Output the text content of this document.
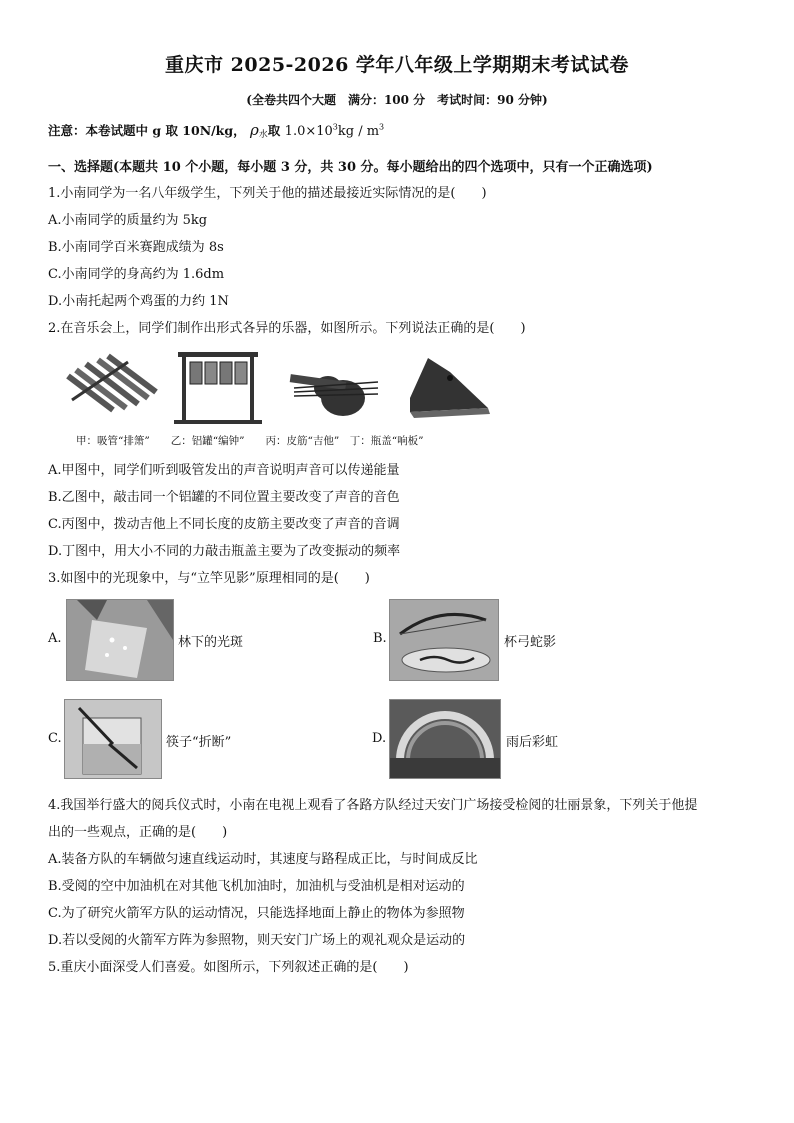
重庆市 2025-2026 学年八年级上学期期末考试试卷
(全卷共四个大题　满分：100 分　考试时间：90 分钟)
注意：本卷试题中 g 取 10N/kg， $\rho_水$取 $1.0\times 10^3kg / m^3$
一、选择题(本题共 10 个小题，每小题 3 分，共 30 分。每小题给出的四个选项中，只有一个正确选项)
1.小南同学为一名八年级学生，下列关于他的描述最接近实际情况的是(　　)
A.小南同学的质量约为 5kg
B.小南同学百米赛跑成绩为 8s
C.小南同学的身高约为 1.6dm
D.小南托起两个鸡蛋的力约 1N
2.在音乐会上，同学们制作出形式各异的乐器，如图所示。下列说法正确的是(　　)
甲：吸管“排箫”　　乙：铝罐“编钟”　　丙：皮筋“吉他”　丁：瓶盖“响板”
A.甲图中，同学们听到吸管发出的声音说明声音可以传递能量
B.乙图中，敲击同一个铝罐的不同位置主要改变了声音的音色
C.丙图中，拨动吉他上不同长度的皮筋主要改变了声音的音调
D.丁图中，用大小不同的力敲击瓶盖主要为了改变振动的频率
3.如图中的光现象中，与“立竿见影”原理相同的是(　　)
A.	林下的光斑	B.	杯弓蛇影
C.	筷子“折断”	D.	雨后彩虹
4.我国举行盛大的阅兵仪式时，小南在电视上观看了各路方队经过天安门广场接受检阅的壮丽景象，下列关于他提
出的一些观点，正确的是(　　)
A.装备方队的车辆做匀速直线运动时，其速度与路程成正比，与时间成反比
B.受阅的空中加油机在对其他飞机加油时，加油机与受油机是相对运动的
C.为了研究火箭军方队的运动情况，只能选择地面上静止的物体为参照物
D.若以受阅的火箭军方阵为参照物，则天安门广场上的观礼观众是运动的
5.重庆小面深受人们喜爱。如图所示，下列叙述正确的是(　　)
